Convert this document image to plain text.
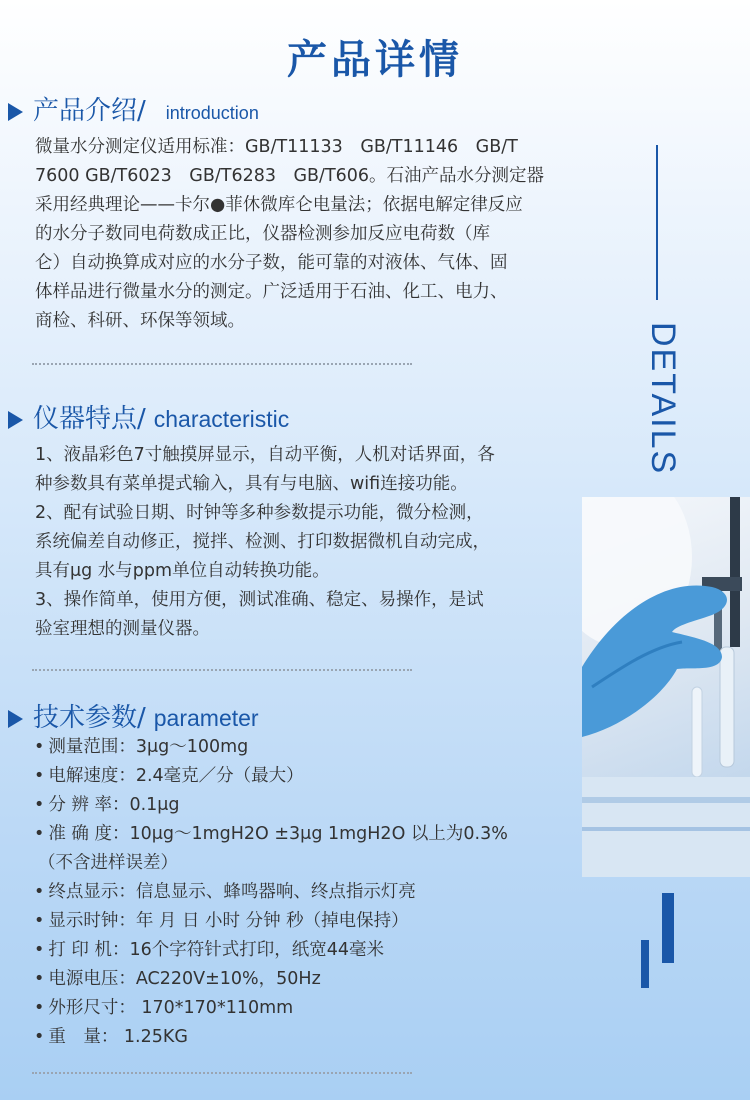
产品详情
产品介绍/ introduction

微量水分测定仪适用标准：GB/T11133　GB/T11146　GB/T

7600 GB/T6023　GB/T6283　GB/T606。石油产品水分测定器

采用经典理论——卡尔●菲休微库仑电量法；依据电解定律反应

的水分子数同电荷数成正比，仪器检测参加反应电荷数（库

仑）自动换算成对应的水分子数，能可靠的对液体、气体、固

体样品进行微量水分的测定。广泛适用于石油、化工、电力、

商检、科研、环保等领域。

仪器特点/ characteristic

1、液晶彩色7寸触摸屏显示，自动平衡，人机对话界面，各

种参数具有菜单提式输入，具有与电脑、wifi连接功能。

2、配有试验日期、时钟等多种参数提示功能，微分检测，

系统偏差自动修正，搅拌、检测、打印数据微机自动完成，

具有μg 水与ppm单位自动转换功能。

3、操作简单，使用方便，测试准确、稳定、易操作，是试

验室理想的测量仪器。

技术参数/ parameter
• 测量范围：3μg～100mg
• 电解速度：2.4毫克／分（最大）
• 分 辨 率：0.1μg
• 准 确 度：10μg～1mgH2O ±3μg 1mgH2O 以上为0.3%
（不含进样误差）
• 终点显示：信息显示、蜂鸣器响、终点指示灯亮
• 显示时钟：年 月 日 小时 分钟 秒（掉电保持）
• 打 印 机：16个字符针式打印，纸宽44毫米
• 电源电压：AC220V±10%，50Hz
• 外形尺寸： 170*170*110mm
• 重　量： 1.25KG
DETAILS
